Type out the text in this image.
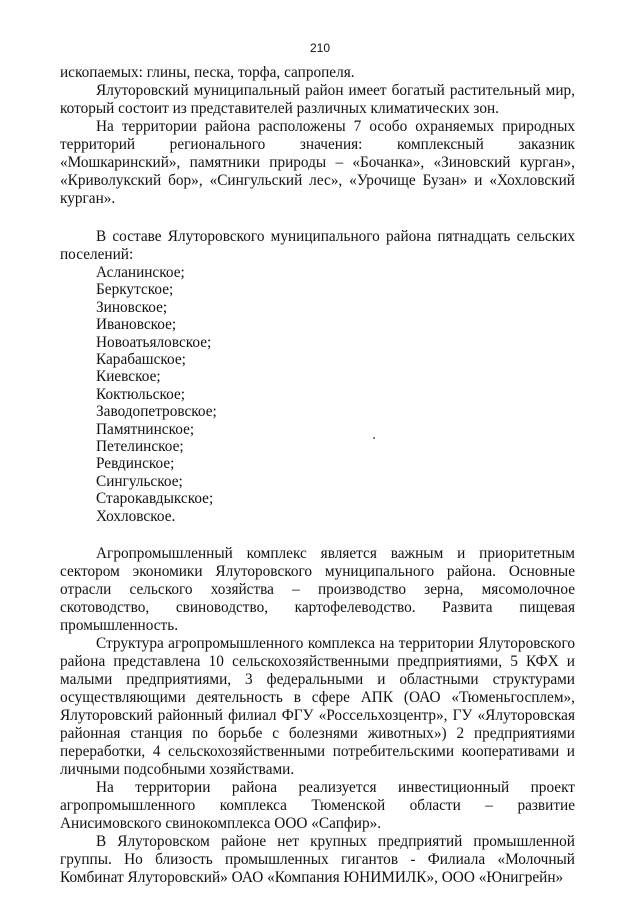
210

ископаемых: глины, песка, торфа, сапропеля.

Ялуторовский муниципальный район имеет богатый растительный мир, который состоит из представителей различных климатических зон.

На территории района расположены 7 особо охраняемых природных территорий регионального значения: комплексный заказник «Мошкаринский», памятники природы – «Бочанка», «Зиновский курган», «Криволукский бор», «Сингульский лес», «Урочище Бузан» и «Хохловский курган».

В составе Ялуторовского муниципального района пятнадцать сельских поселений:

Асланинское;
Беркутское;
Зиновское;
Ивановское;
Новоатьяловское;
Карабашское;
Киевское;
Коктюльское;
Заводопетровское;
Памятнинское;
Петелинское;
Ревдинское;
Сингульское;
Старокавдыкское;
Хохловское.

Агропромышленный комплекс является важным и приоритетным сектором экономики Ялуторовского муниципального района. Основные отрасли сельского хозяйства – производство зерна, мясомолочное скотоводство, свиноводство, картофелеводство. Развита пищевая промышленность.

Структура агропромышленного комплекса на территории Ялуторовского района представлена 10 сельскохозяйственными предприятиями, 5 КФХ и малыми предприятиями, 3 федеральными и областными структурами осуществляющими деятельность в сфере АПК (ОАО «Тюменьгосплем», Ялуторовский районный филиал ФГУ «Россельхозцентр», ГУ «Ялуторовская районная станция по борьбе с болезнями животных») 2 предприятиями переработки, 4 сельскохозяйственными потребительскими кооперативами и личными подсобными хозяйствами.

На территории района реализуется инвестиционный проект агропромышленного комплекса Тюменской области – развитие Анисимовского свинокомплекса ООО «Сапфир».

В Ялуторовском районе нет крупных предприятий промышленной группы. Но близость промышленных гигантов - Филиала «Молочный Комбинат Ялуторовский» ОАО «Компания ЮНИМИЛК», ООО «Юнигрейн»
